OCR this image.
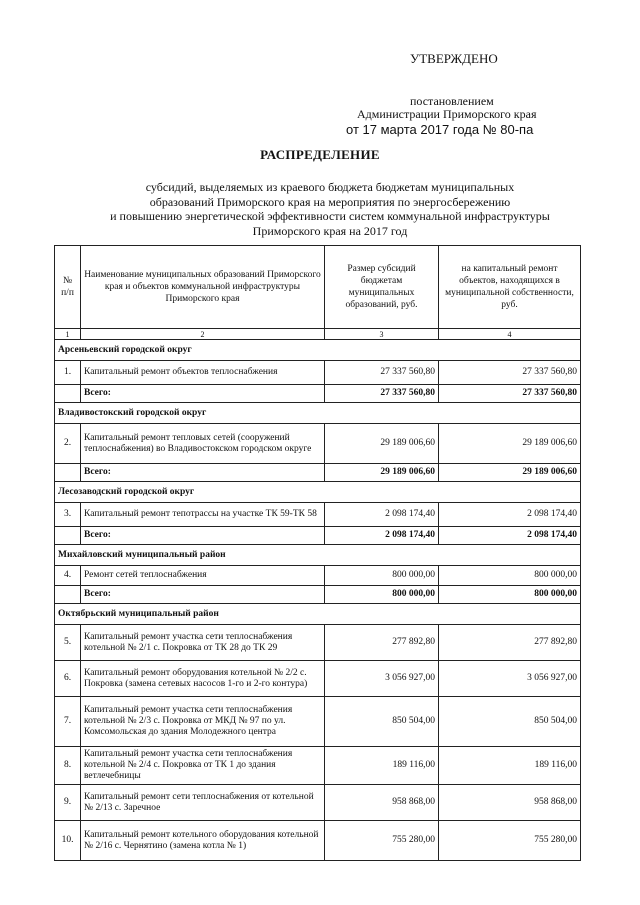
УТВЕРЖДЕНО
постановлением
Администрации Приморского края
от 17 марта 2017 года № 80-па
РАСПРЕДЕЛЕНИЕ
субсидий, выделяемых из краевого бюджета бюджетам муниципальных
образований Приморского края на мероприятия по энергосбережению
и повышению энергетической эффективности систем коммунальной инфраструктуры
Приморского края на 2017 год
№ п/п	Наименование муниципальных образований Приморского края и объектов коммунальной инфраструктуры Приморского края	Размер субсидий бюджетам муниципальных образований, руб.	на капитальный ремонт объектов, находящихся в муниципальной собственности, руб.
1	2	3	4
Арсеньевский городской округ			
1.	Капитальный ремонт объектов теплоснабжения	27 337 560,80	27 337 560,80
	Всего:	27 337 560,80	27 337 560,80
Владивостокский городской округ			
2.	Капитальный ремонт тепловых сетей (сооружений теплоснабжения) во Владивостокском городском округе	29 189 006,60	29 189 006,60
	Всего:	29 189 006,60	29 189 006,60
Лесозаводский городской округ			
3.	Капитальный ремонт тепотрассы на участке ТК 59-ТК 58	2 098 174,40	2 098 174,40
	Всего:	2 098 174,40	2 098 174,40
Михайловский муниципальный район			
4.	Ремонт сетей теплоснабжения	800 000,00	800 000,00
	Всего:	800 000,00	800 000,00
Октябрьский муниципальный район			
5.	Капитальный ремонт участка сети теплоснабжения котельной № 2/1 с. Покровка от ТК 28 до ТК 29	277 892,80	277 892,80
6.	Капитальный ремонт оборудования котельной № 2/2 с. Покровка (замена сетевых насосов 1-го и 2-го контура)	3 056 927,00	3 056 927,00
7.	Капитальный ремонт участка сети теплоснабжения котельной № 2/3 с. Покровка от МКД № 97 по ул. Комсомольская до здания Молодежного центра	850 504,00	850 504,00
8.	Капитальный ремонт участка сети теплоснабжения котельной № 2/4 с. Покровка от ТК 1 до здания ветлечебницы	189 116,00	189 116,00
9.	Капитальный ремонт сети теплоснабжения от котельной № 2/13 с. Заречное	958 868,00	958 868,00
10.	Капитальный ремонт котельного оборудования котельной № 2/16 с. Чернятино (замена котла № 1)	755 280,00	755 280,00
